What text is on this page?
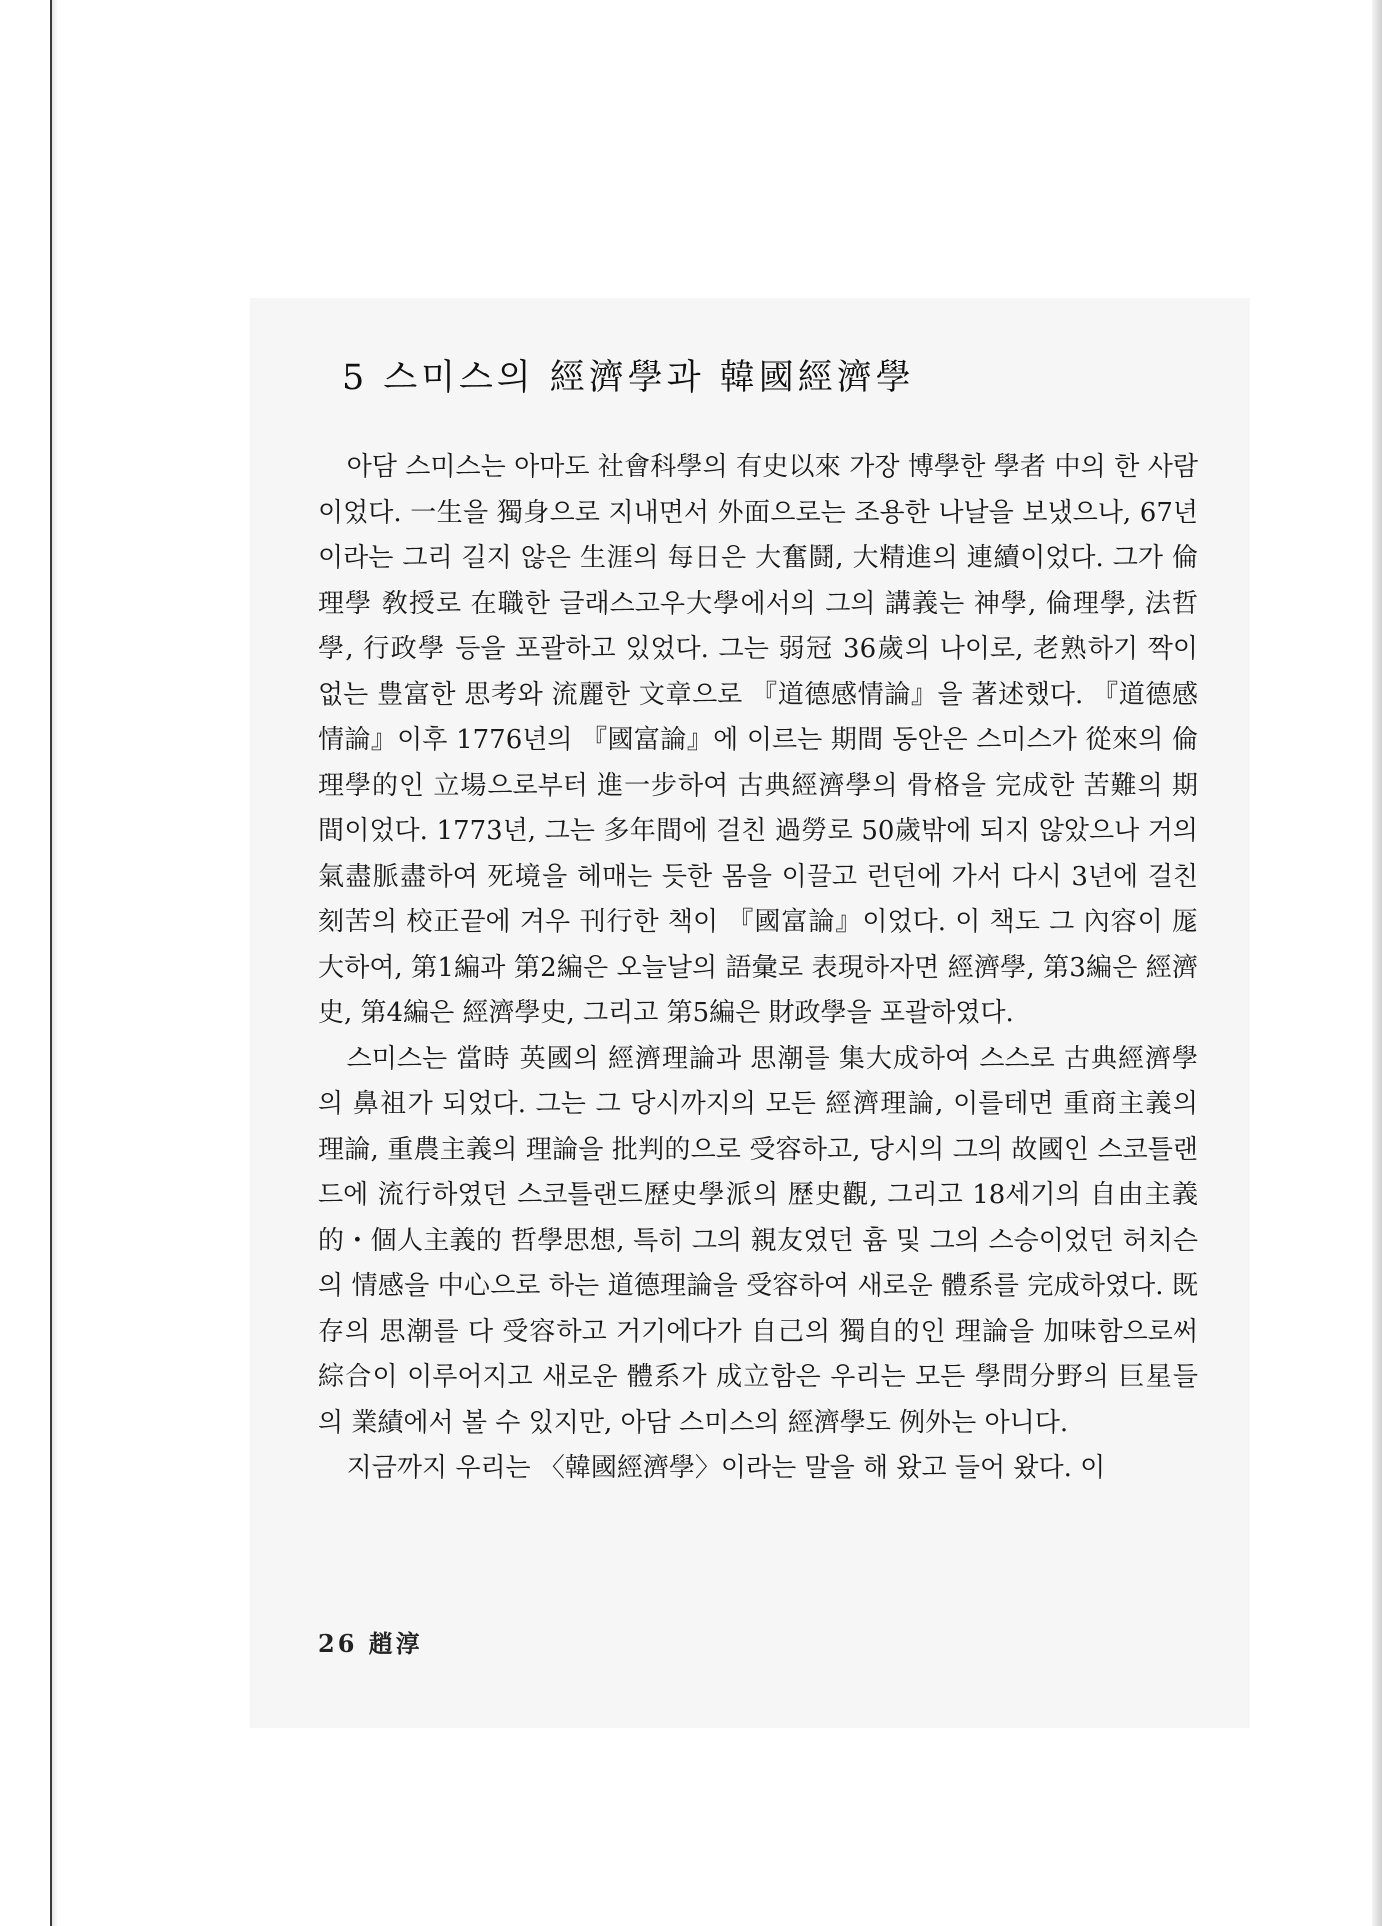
5 스미스의 經濟學과 韓國經濟學

아담 스미스는 아마도 社會科學의 有史以來 가장 博學한 學者 中의 한 사람이었다. 一生을 獨身으로 지내면서 外面으로는 조용한 나날을 보냈으나, 67년이라는 그리 길지 않은 生涯의 每日은 大奮鬪, 大精進의 連續이었다. 그가 倫理學 敎授로 在職한 글래스고우大學에서의 그의 講義는 神學, 倫理學, 法哲學, 行政學 등을 포괄하고 있었다. 그는 弱冠 36歲의 나이로, 老熟하기 짝이 없는 豊富한 思考와 流麗한 文章으로 『道德感情論』을 著述했다. 『道德感情論』이후 1776년의 『國富論』에 이르는 期間 동안은 스미스가 從來의 倫理學的인 立場으로부터 進一步하여 古典經濟學의 骨格을 完成한 苦難의 期間이었다. 1773년, 그는 多年間에 걸친 過勞로 50歲밖에 되지 않았으나 거의 氣盡脈盡하여 死境을 헤매는 듯한 몸을 이끌고 런던에 가서 다시 3년에 걸친 刻苦의 校正끝에 겨우 刊行한 책이 『國富論』이었다. 이 책도 그 內容이 厖大하여, 第1編과 第2編은 오늘날의 語彙로 表現하자면 經濟學, 第3編은 經濟史, 第4編은 經濟學史, 그리고 第5編은 財政學을 포괄하였다.

스미스는 當時 英國의 經濟理論과 思潮를 集大成하여 스스로 古典經濟學의 鼻祖가 되었다. 그는 그 당시까지의 모든 經濟理論, 이를테면 重商主義의 理論, 重農主義의 理論을 批判的으로 受容하고, 당시의 그의 故國인 스코틀랜드에 流行하였던 스코틀랜드歷史學派의 歷史觀, 그리고 18세기의 自由主義的・個人主義的 哲學思想, 특히 그의 親友였던 흄 및 그의 스승이었던 허치슨의 情感을 中心으로 하는 道德理論을 受容하여 새로운 體系를 完成하였다. 既存의 思潮를 다 受容하고 거기에다가 自己의 獨自的인 理論을 加味함으로써 綜合이 이루어지고 새로운 體系가 成立함은 우리는 모든 學問分野의 巨星들의 業績에서 볼 수 있지만, 아담 스미스의 經濟學도 例外는 아니다.

지금까지 우리는 〈韓國經濟學〉이라는 말을 해 왔고 들어 왔다. 이

26 趙淳
